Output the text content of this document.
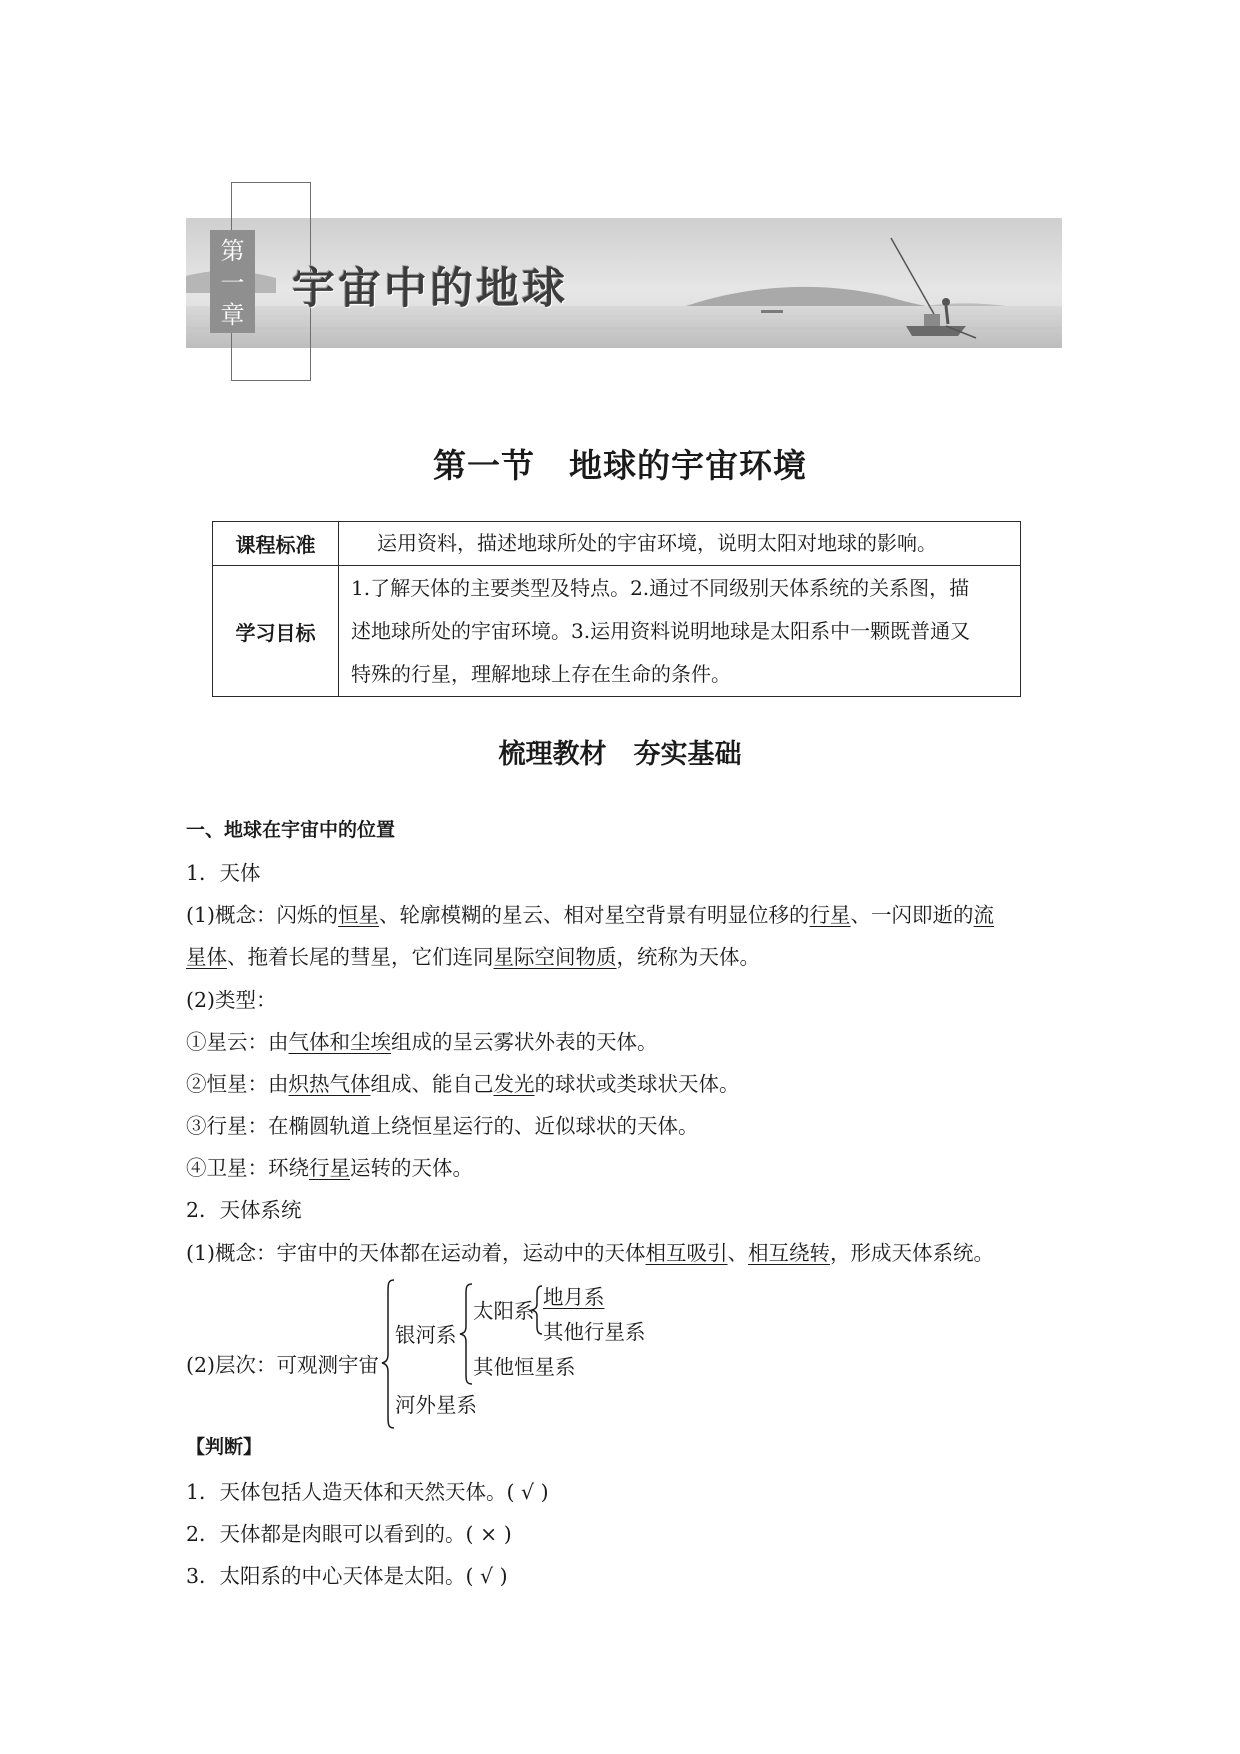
第
一
章
宇宙中的地球
第一节　地球的宇宙环境
课程标准	运用资料，描述地球所处的宇宙环境，说明太阳对地球的影响。
学习目标	1.了解天体的主要类型及特点。2.通过不同级别天体系统的关系图，描
述地球所处的宇宙环境。3.运用资料说明地球是太阳系中一颗既普通又
特殊的行星，理解地球上存在生命的条件。
梳理教材　夯实基础
一、地球在宇宙中的位置
1．天体
(1)概念：闪烁的恒星、轮廓模糊的星云、相对星空背景有明显位移的行星、一闪即逝的流
星体、拖着长尾的彗星，它们连同星际空间物质，统称为天体。
(2)类型：
①星云：由气体和尘埃组成的呈云雾状外表的天体。
②恒星：由炽热气体组成、能自己发光的球状或类球状天体。
③行星：在椭圆轨道上绕恒星运行的、近似球状的天体。
④卫星：环绕行星运转的天体。
2．天体系统
(1)概念：宇宙中的天体都在运动着，运动中的天体相互吸引、相互绕转，形成天体系统。
(2)层次：可观测宇宙
银河系
太阳系
地月系
其他行星系
其他恒星系
河外星系
【判断】
1．天体包括人造天体和天然天体。( √ )
2．天体都是肉眼可以看到的。( × )
3．太阳系的中心天体是太阳。( √ )
